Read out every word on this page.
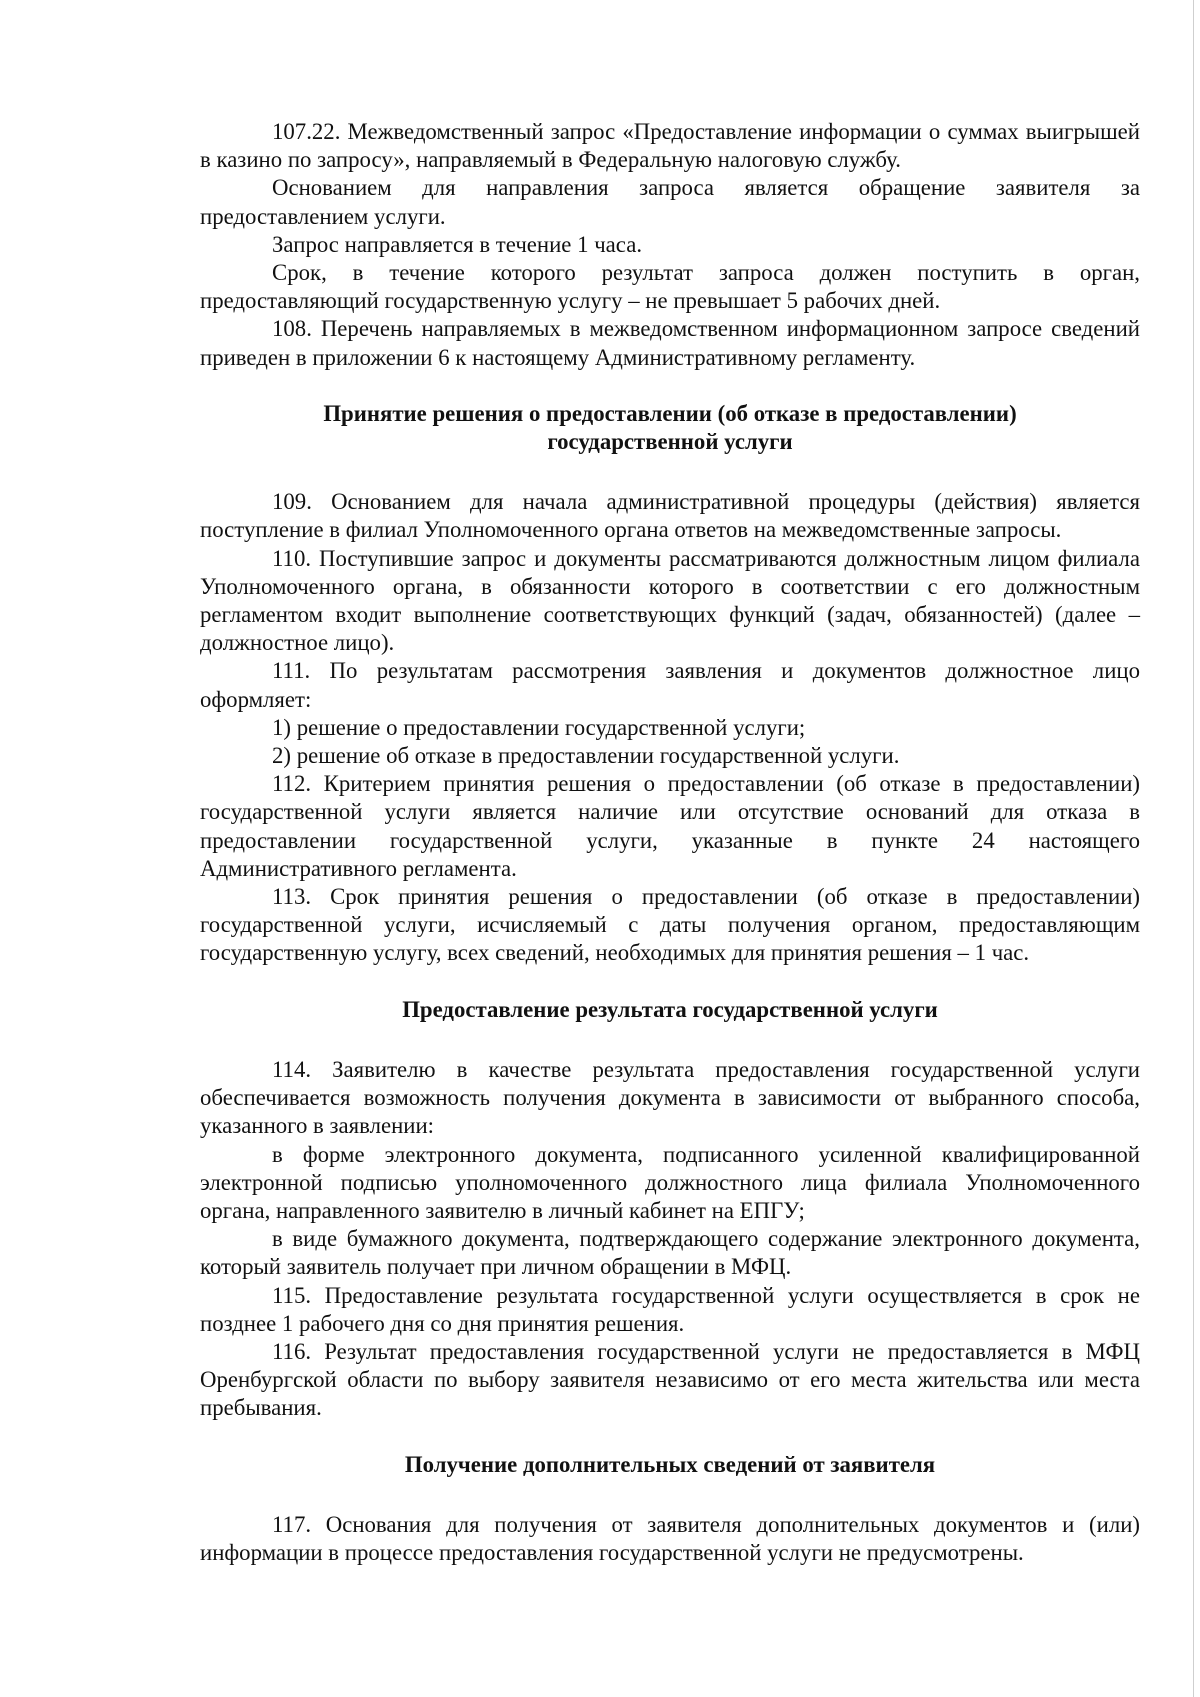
107.22. Межведомственный запрос «Предоставление информации о суммах выигрышей в казино по запросу», направляемый в Федеральную налоговую службу.

Основанием для направления запроса является обращение заявителя за предоставлением услуги.

Запрос направляется в течение 1 часа.

Срок, в течение которого результат запроса должен поступить в орган, предоставляющий государственную услугу – не превышает 5 рабочих дней.

108. Перечень направляемых в межведомственном информационном запросе сведений приведен в приложении 6 к настоящему Административному регламенту.

Принятие решения о предоставлении (об отказе в предоставлении) государственной услуги

109. Основанием для начала административной процедуры (действия) является поступление в филиал Уполномоченного органа ответов на межведомственные запросы.

110. Поступившие запрос и документы рассматриваются должностным лицом филиала Уполномоченного органа, в обязанности которого в соответствии с его должностным регламентом входит выполнение соответствующих функций (задач, обязанностей) (далее – должностное лицо).

111. По результатам рассмотрения заявления и документов должностное лицо оформляет:

1) решение о предоставлении государственной услуги;

2) решение об отказе в предоставлении государственной услуги.

112. Критерием принятия решения о предоставлении (об отказе в предоставлении) государственной услуги является наличие или отсутствие оснований для отказа в предоставлении государственной услуги, указанные в пункте 24 настоящего Административного регламента.

113. Срок принятия решения о предоставлении (об отказе в предоставлении) государственной услуги, исчисляемый с даты получения органом, предоставляющим государственную услугу, всех сведений, необходимых для принятия решения – 1 час.

Предоставление результата государственной услуги

114. Заявителю в качестве результата предоставления государственной услуги обеспечивается возможность получения документа в зависимости от выбранного способа, указанного в заявлении:

в форме электронного документа, подписанного усиленной квалифицированной электронной подписью уполномоченного должностного лица филиала Уполномоченного органа, направленного заявителю в личный кабинет на ЕПГУ;

в виде бумажного документа, подтверждающего содержание электронного документа, который заявитель получает при личном обращении в МФЦ.

115. Предоставление результата государственной услуги осуществляется в срок не позднее 1 рабочего дня со дня принятия решения.

116. Результат предоставления государственной услуги не предоставляется в МФЦ Оренбургской области по выбору заявителя независимо от его места жительства или места пребывания.

Получение дополнительных сведений от заявителя

117. Основания для получения от заявителя дополнительных документов и (или) информации в процессе предоставления государственной услуги не предусмотрены.
